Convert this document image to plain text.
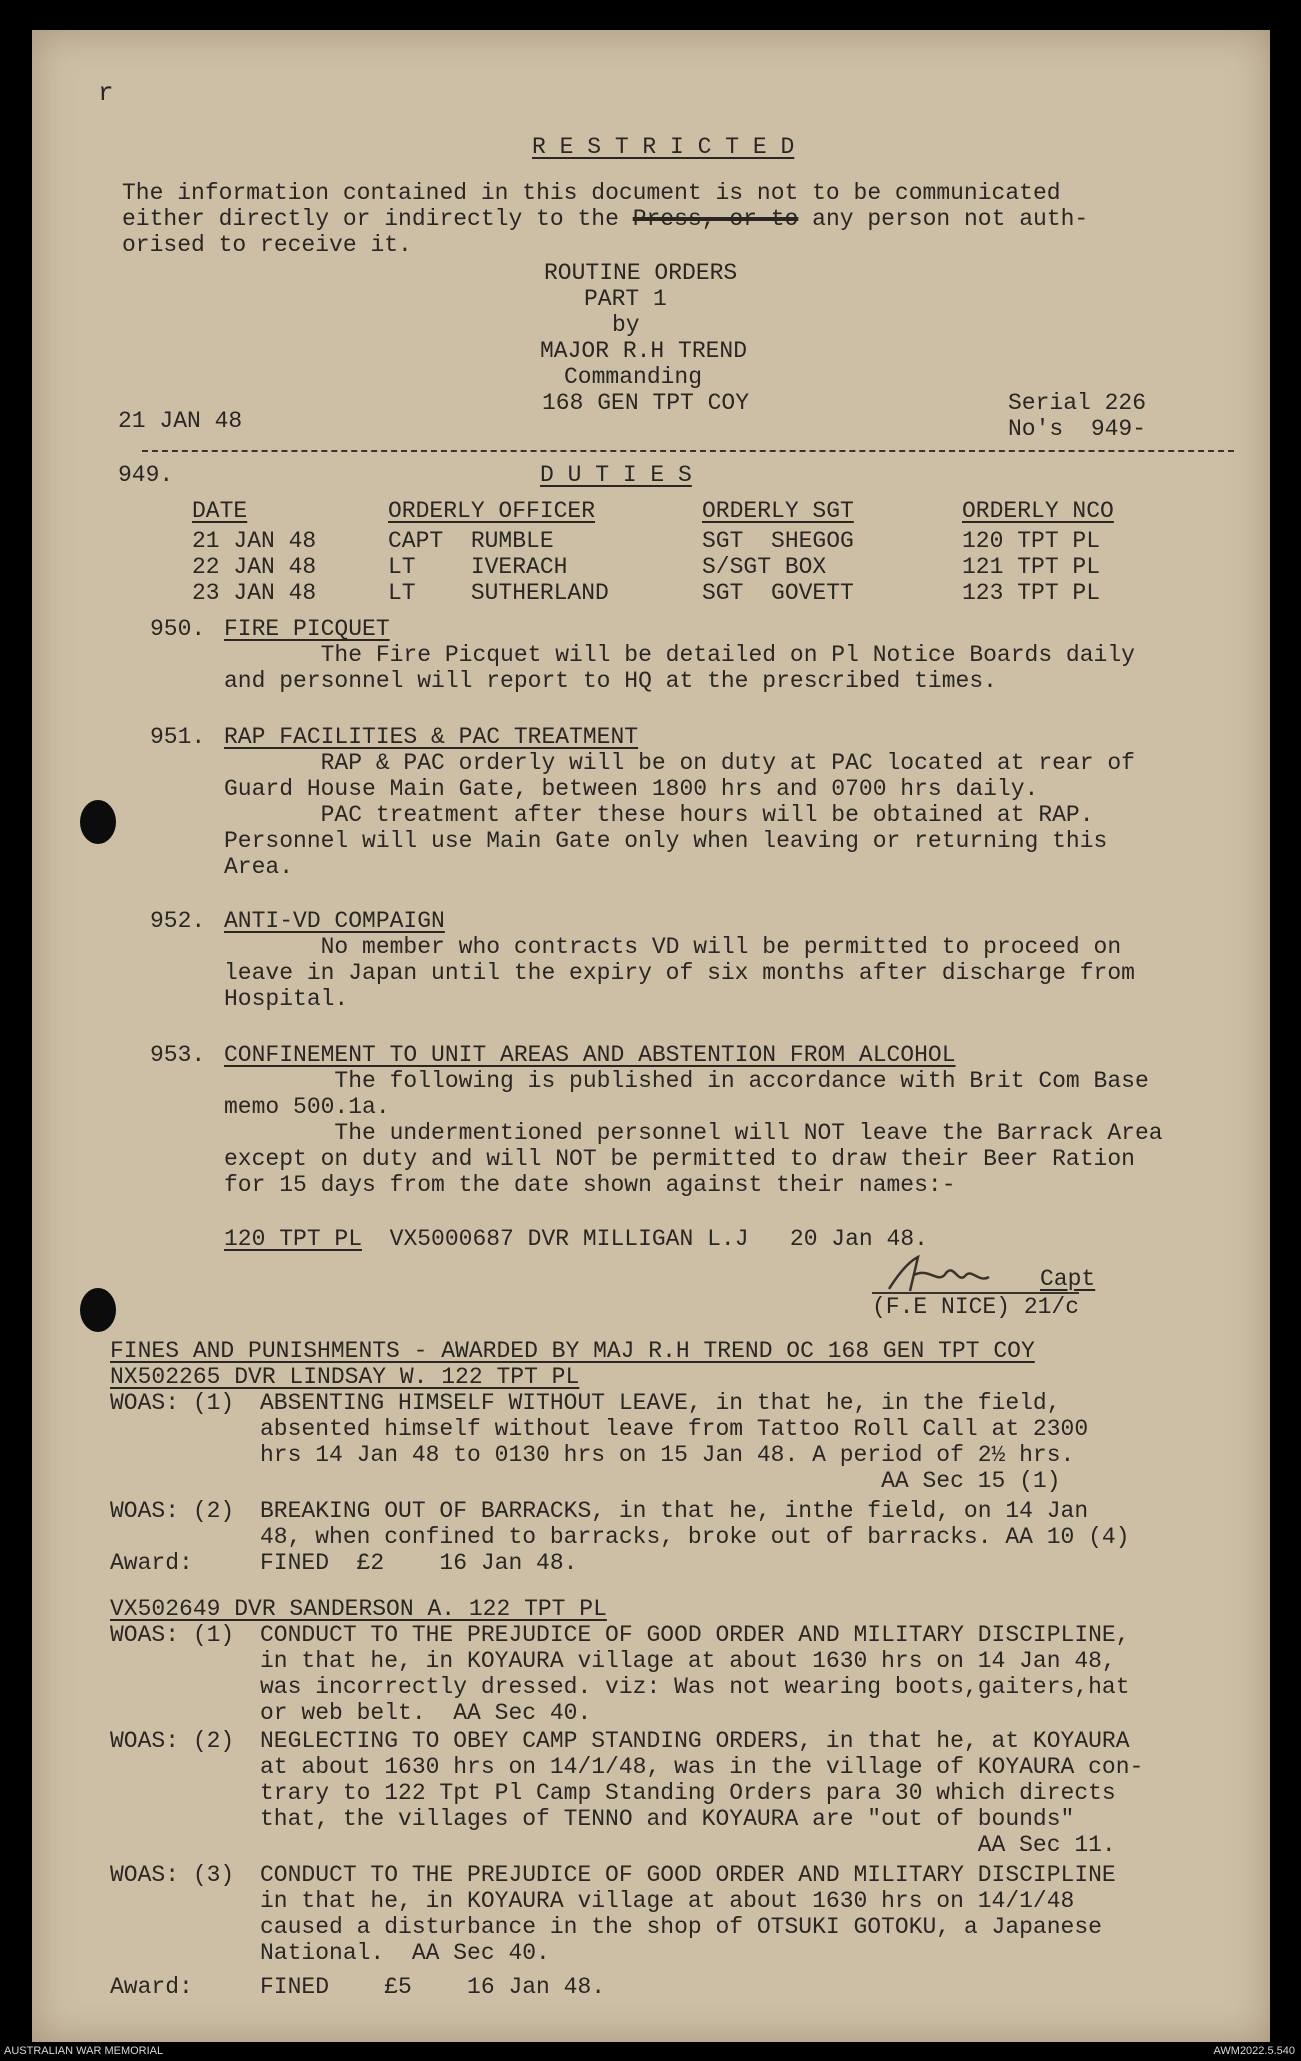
r
R E S T R I C T E D
The information contained in this document is not to be communicated
either directly or indirectly to the Press, or to any person not auth-
orised to receive it.
ROUTINE ORDERS
PART 1
by
MAJOR R.H TREND
Commanding
168 GEN TPT COY
21 JAN 48
Serial 226
No's  949-
949.	D U T I E S
DATE	ORDERLY OFFICER	ORDERLY SGT	ORDERLY NCO
21 JAN 48	CAPT  RUMBLE	SGT  SHEGOG	120 TPT PL
22 JAN 48	LT    IVERACH	S/SGT BOX	121 TPT PL
23 JAN 48	LT    SUTHERLAND	SGT  GOVETT	123 TPT PL
950. FIRE PICQUET
The Fire Picquet will be detailed on Pl Notice Boards daily
and personnel will report to HQ at the prescribed times.
951. RAP FACILITIES & PAC TREATMENT
RAP & PAC orderly will be on duty at PAC located at rear of
Guard House Main Gate, between 1800 hrs and 0700 hrs daily.
PAC treatment after these hours will be obtained at RAP.
Personnel will use Main Gate only when leaving or returning this
Area.
952. ANTI-VD COMPAIGN
No member who contracts VD will be permitted to proceed on
leave in Japan until the expiry of six months after discharge from
Hospital.
953. CONFINEMENT TO UNIT AREAS AND ABSTENTION FROM ALCOHOL
The following is published in accordance with Brit Com Base
memo 500.1a.
The undermentioned personnel will NOT leave the Barrack Area
except on duty and will NOT be permitted to draw their Beer Ration
for 15 days from the date shown against their names:-
120 TPT PL  VX5000687 DVR MILLIGAN L.J   20 Jan 48.
Capt
(F.E NICE) 21/c
FINES AND PUNISHMENTS - AWARDED BY MAJ R.H TREND OC 168 GEN TPT COY
NX502265 DVR LINDSAY W. 122 TPT PL
WOAS: (1) ABSENTING HIMSELF WITHOUT LEAVE, in that he, in the field,
absented himself without leave from Tattoo Roll Call at 2300
hrs 14 Jan 48 to 0130 hrs on 15 Jan 48. A period of 2½ hrs.
AA Sec 15 (1)
WOAS: (2) BREAKING OUT OF BARRACKS, in that he, inthe field, on 14 Jan
48, when confined to barracks, broke out of barracks. AA 10 (4)
Award:	FINED  £2    16 Jan 48.
VX502649 DVR SANDERSON A. 122 TPT PL
WOAS: (1) CONDUCT TO THE PREJUDICE OF GOOD ORDER AND MILITARY DISCIPLINE,
in that he, in KOYAURA village at about 1630 hrs on 14 Jan 48,
was incorrectly dressed. viz: Was not wearing boots,gaiters,hat
or web belt.  AA Sec 40.
WOAS: (2) NEGLECTING TO OBEY CAMP STANDING ORDERS, in that he, at KOYAURA
at about 1630 hrs on 14/1/48, was in the village of KOYAURA con-
trary to 122 Tpt Pl Camp Standing Orders para 30 which directs
that, the villages of TENNO and KOYAURA are "out of bounds"
AA Sec 11.
WOAS: (3) CONDUCT TO THE PREJUDICE OF GOOD ORDER AND MILITARY DISCIPLINE
in that he, in KOYAURA village at about 1630 hrs on 14/1/48
caused a disturbance in the shop of OTSUKI GOTOKU, a Japanese
National.  AA Sec 40.
Award:	FINED    £5    16 Jan 48.
AUSTRALIAN WAR MEMORIAL	AWM2022.5.540
